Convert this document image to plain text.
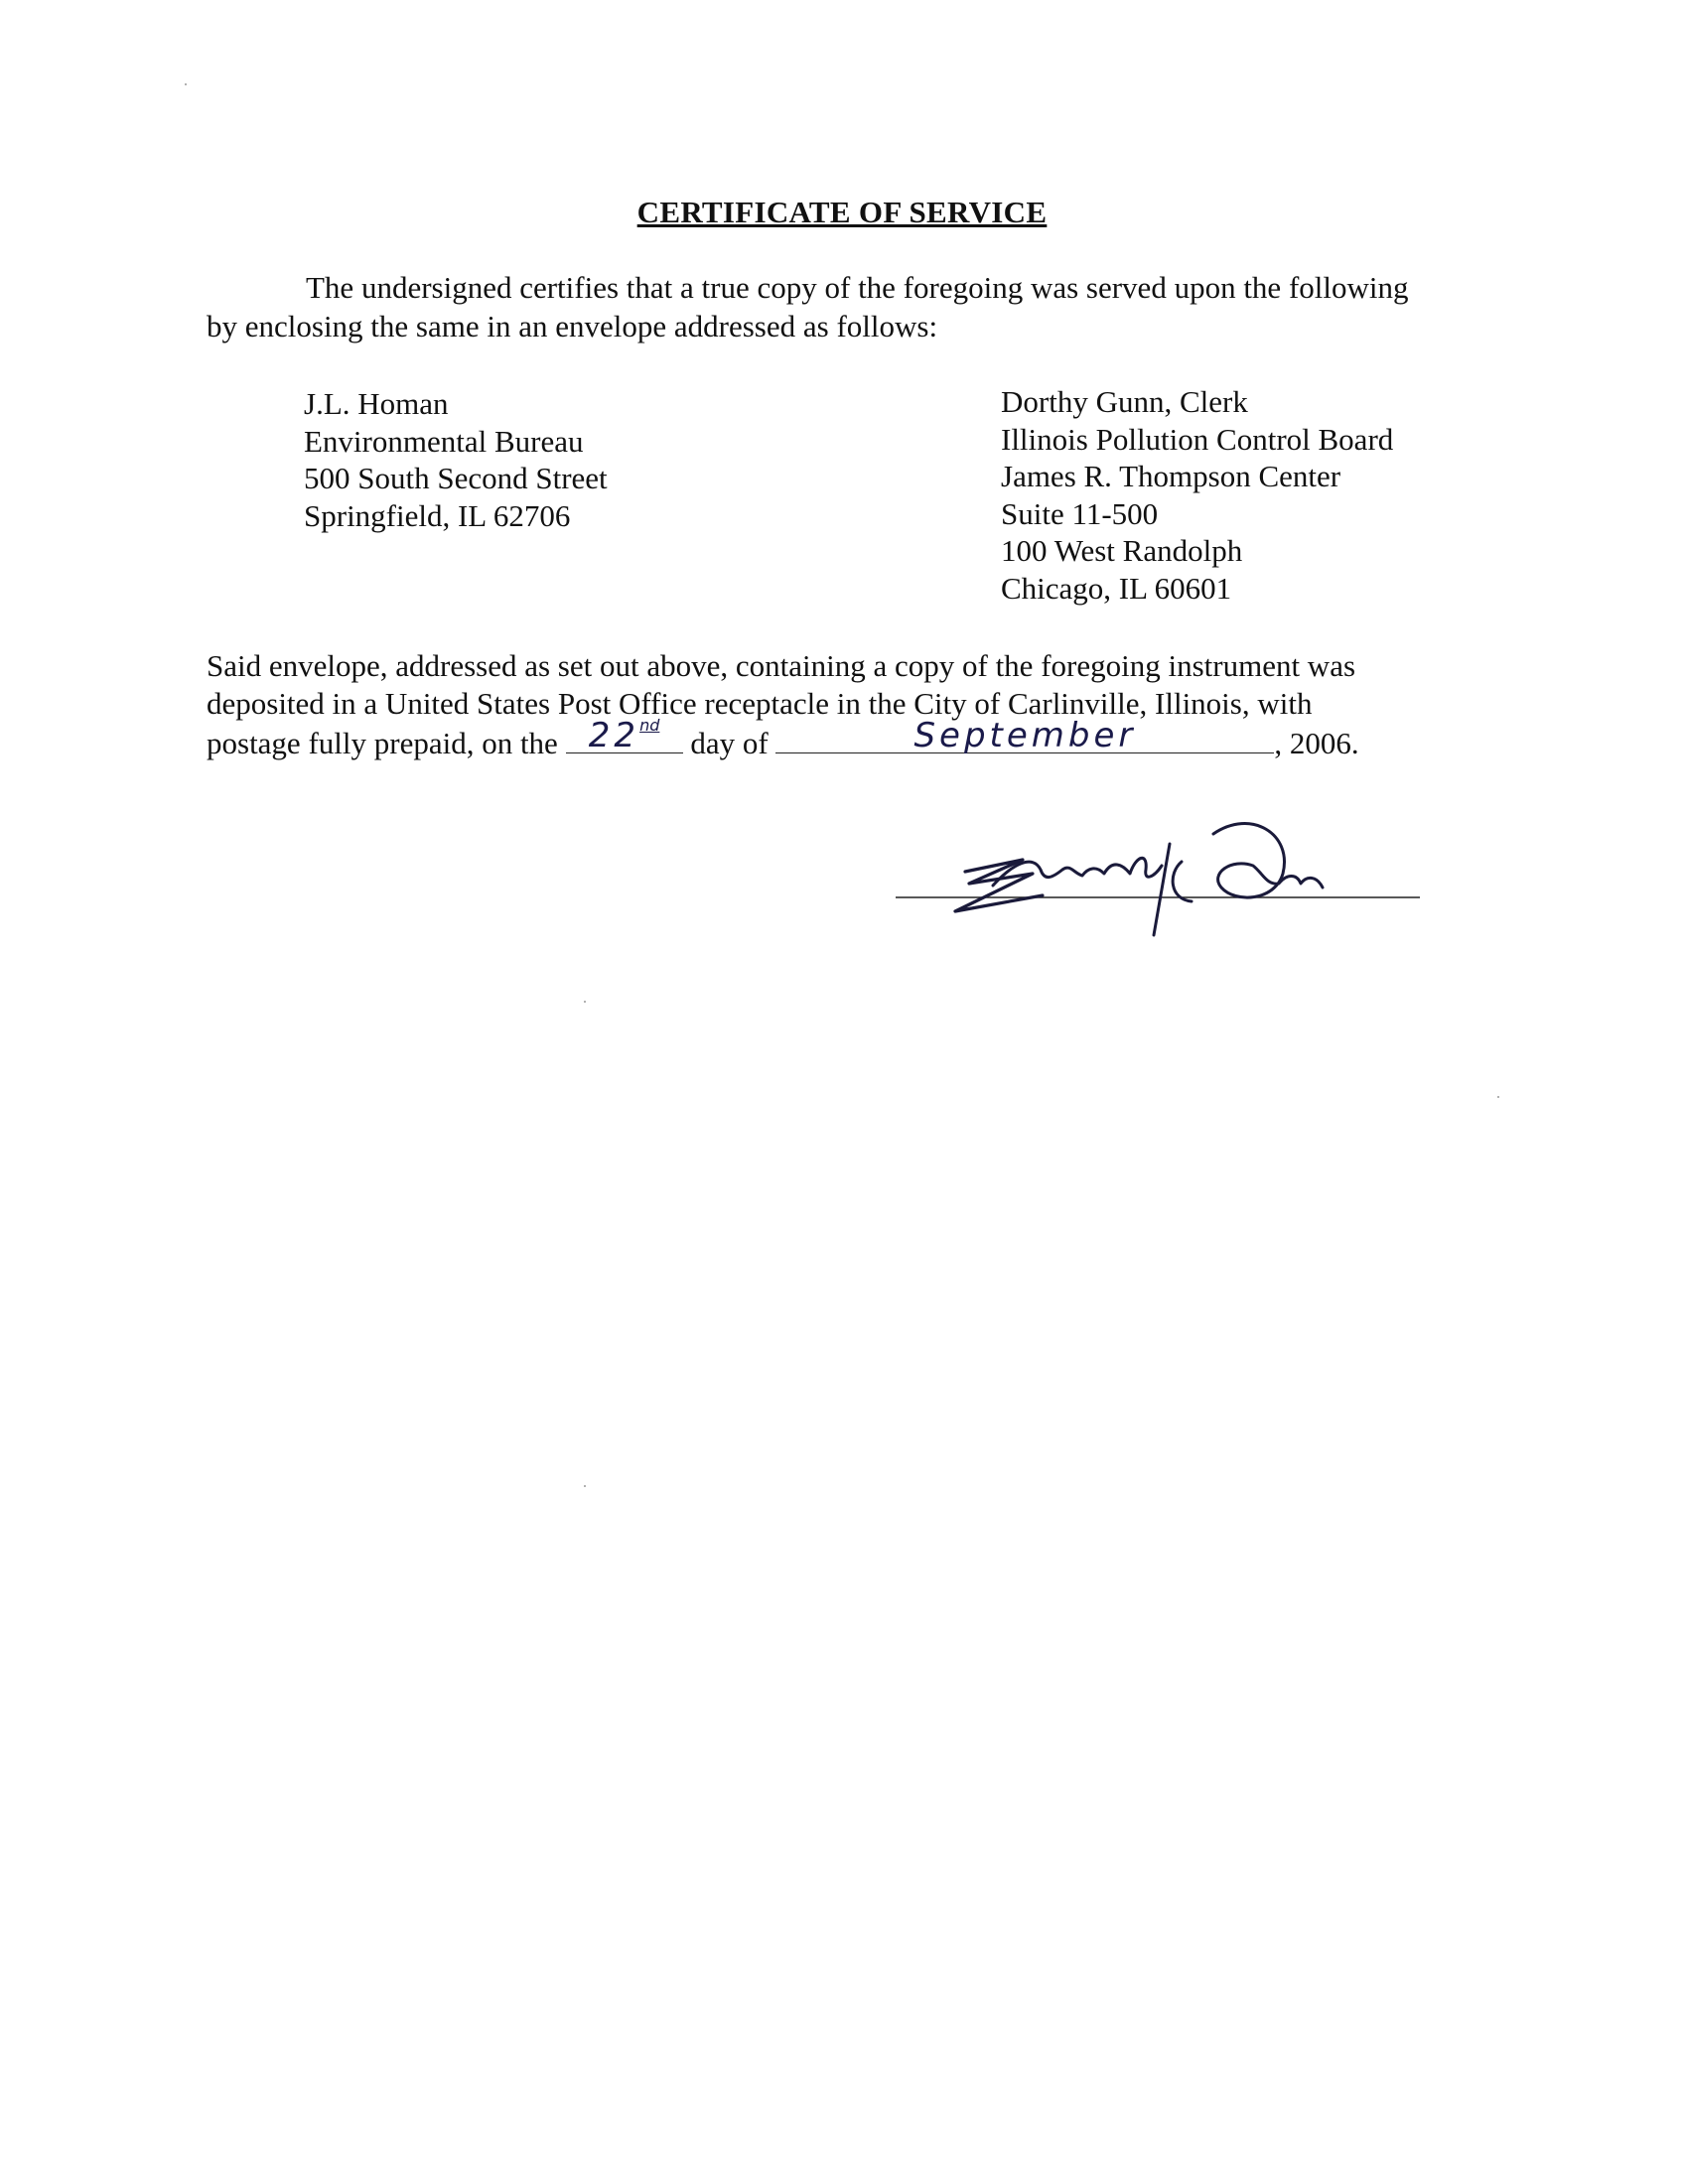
CERTIFICATE OF SERVICE
The undersigned certifies that a true copy of the foregoing was served upon the following
by enclosing the same in an envelope addressed as follows:
J.L. Homan
Environmental Bureau
500 South Second Street
Springfield, IL 62706
Dorthy Gunn, Clerk
Illinois Pollution Control Board
James R. Thompson Center
Suite 11-500
100 West Randolph
Chicago, IL 60601
Said envelope, addressed as set out above, containing a copy of the foregoing instrument was
deposited in a United States Post Office receptacle in the City of Carlinville, Illinois, with
postage fully prepaid, on the 22nd
day of	September	, 2006.
